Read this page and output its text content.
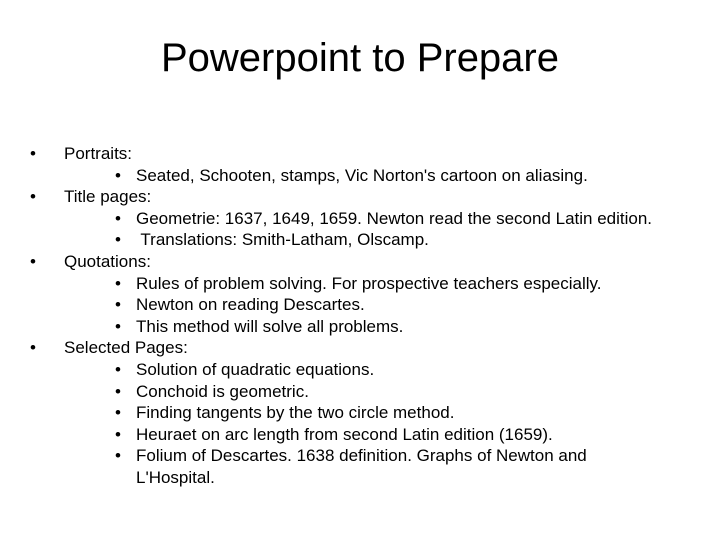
Powerpoint to Prepare
• Portraits:
• Seated, Schooten, stamps, Vic Norton's cartoon on aliasing.
• Title pages:
• Geometrie: 1637, 1649, 1659. Newton read the second Latin edition.
• Translations: Smith-Latham, Olscamp.
• Quotations:
• Rules of problem solving. For prospective teachers especially.
• Newton on reading Descartes.
• This method will solve all problems.
• Selected Pages:
• Solution of quadratic equations.
• Conchoid is geometric.
• Finding tangents by the two circle method.
• Heuraet on arc length from second Latin edition (1659).
• Folium of Descartes. 1638 definition. Graphs of Newton and L'Hospital.
